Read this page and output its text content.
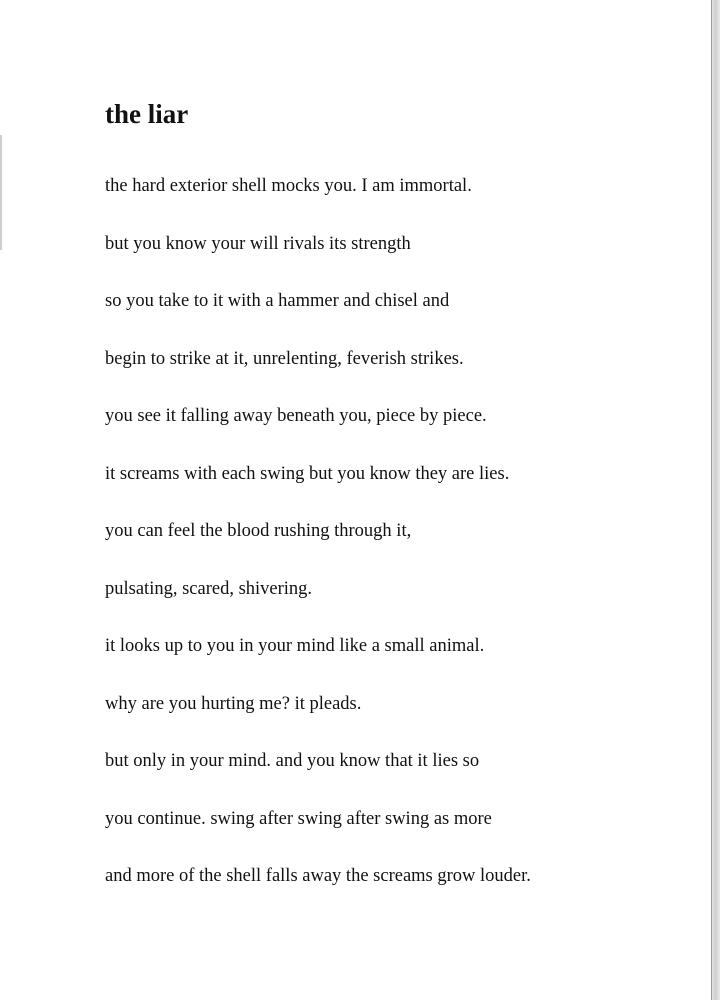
the liar
the hard exterior shell mocks you. I am immortal.
but you know your will rivals its strength
so you take to it with a hammer and chisel and
begin to strike at it, unrelenting, feverish strikes.
you see it falling away beneath you, piece by piece.
it screams with each swing but you know they are lies.
you can feel the blood rushing through it,
pulsating, scared, shivering.
it looks up to you in your mind like a small animal.
why are you hurting me? it pleads.
but only in your mind. and you know that it lies so
you continue. swing after swing after swing as more
and more of the shell falls away the screams grow louder.
